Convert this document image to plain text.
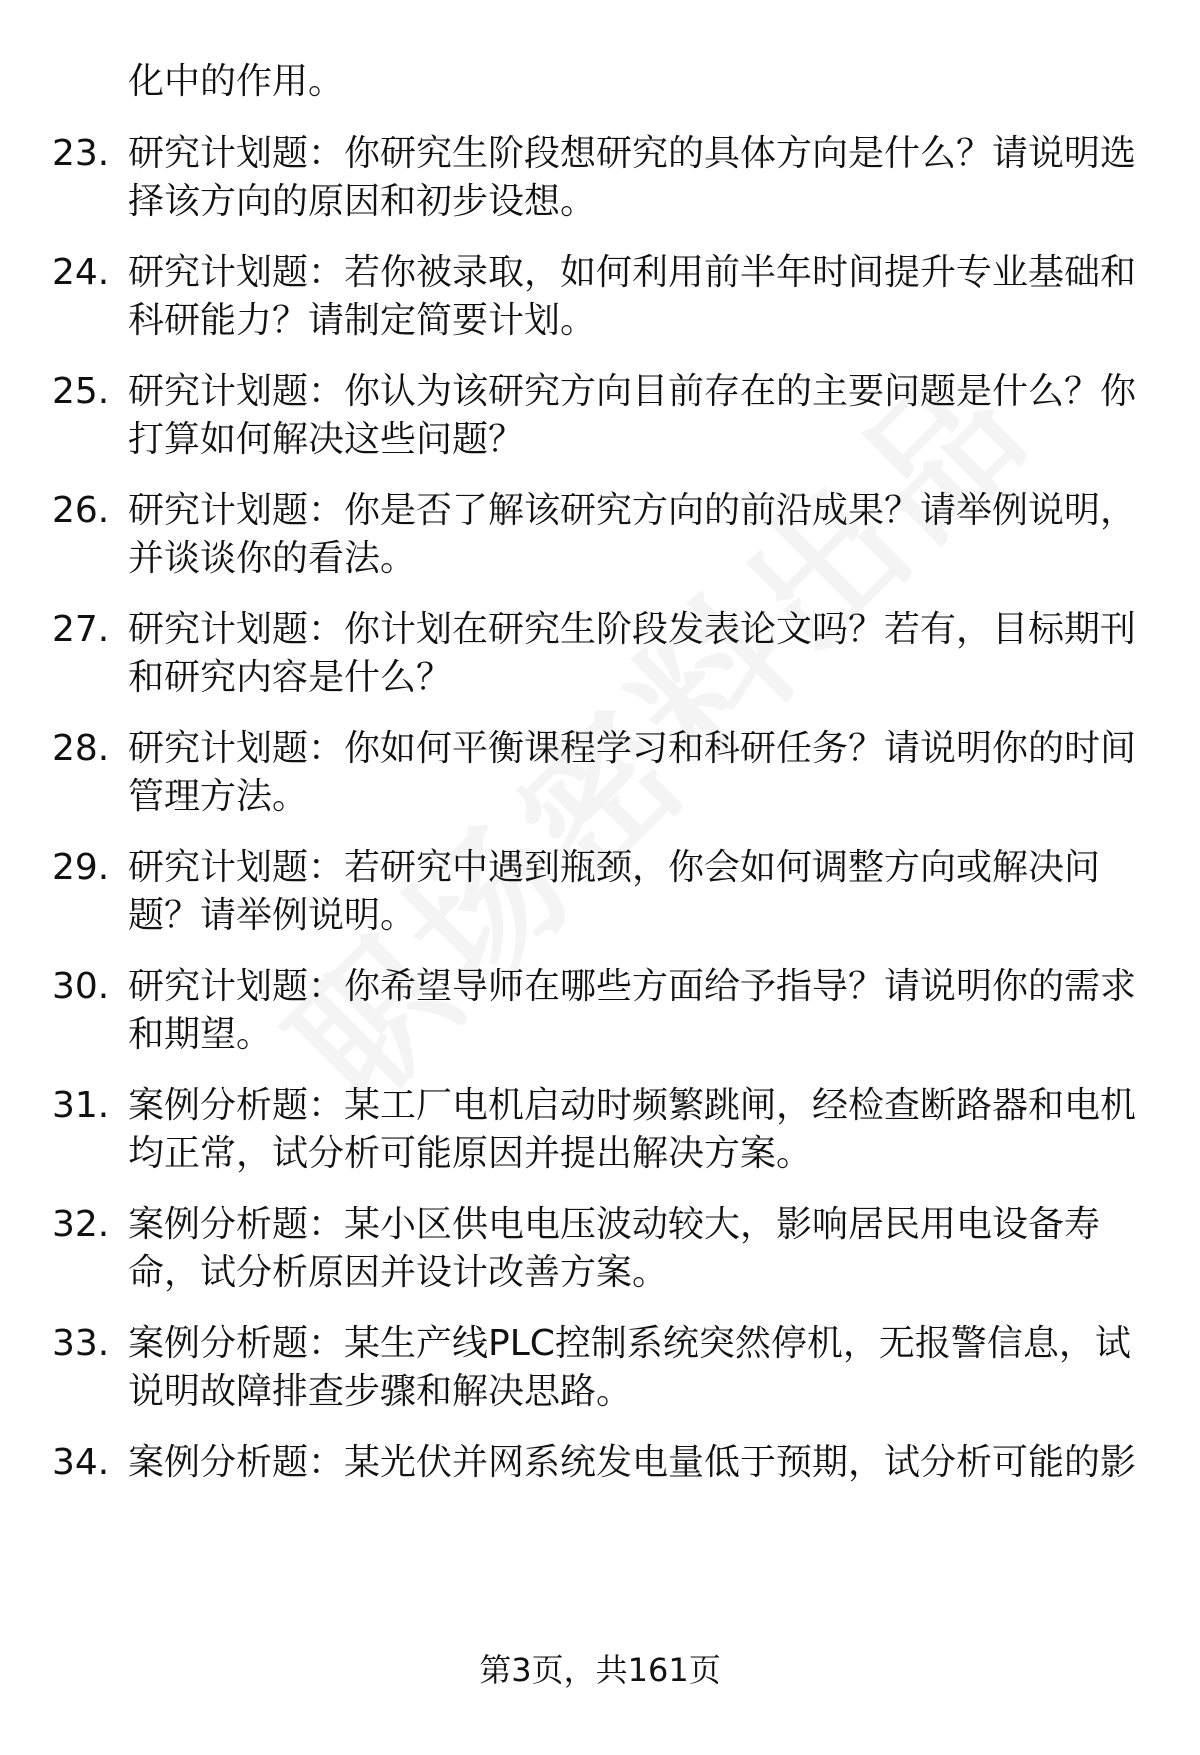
化中的作用。
23. 研究计划题：你研究生阶段想研究的具体方向是什么？请说明选
择该方向的原因和初步设想。
24. 研究计划题：若你被录取，如何利用前半年时间提升专业基础和
科研能力？请制定简要计划。
25. 研究计划题：你认为该研究方向目前存在的主要问题是什么？你
打算如何解决这些问题？
26. 研究计划题：你是否了解该研究方向的前沿成果？请举例说明，
并谈谈你的看法。
27. 研究计划题：你计划在研究生阶段发表论文吗？若有，目标期刊
和研究内容是什么？
28. 研究计划题：你如何平衡课程学习和科研任务？请说明你的时间
管理方法。
29. 研究计划题：若研究中遇到瓶颈，你会如何调整方向或解决问
题？请举例说明。
30. 研究计划题：你希望导师在哪些方面给予指导？请说明你的需求
和期望。
31. 案例分析题：某工厂电机启动时频繁跳闸，经检查断路器和电机
均正常，试分析可能原因并提出解决方案。
32. 案例分析题：某小区供电电压波动较大，影响居民用电设备寿
命，试分析原因并设计改善方案。
33. 案例分析题：某生产线PLC控制系统突然停机，无报警信息，试
说明故障排查步骤和解决思路。
34. 案例分析题：某光伏并网系统发电量低于预期，试分析可能的影
第3页，共161页
